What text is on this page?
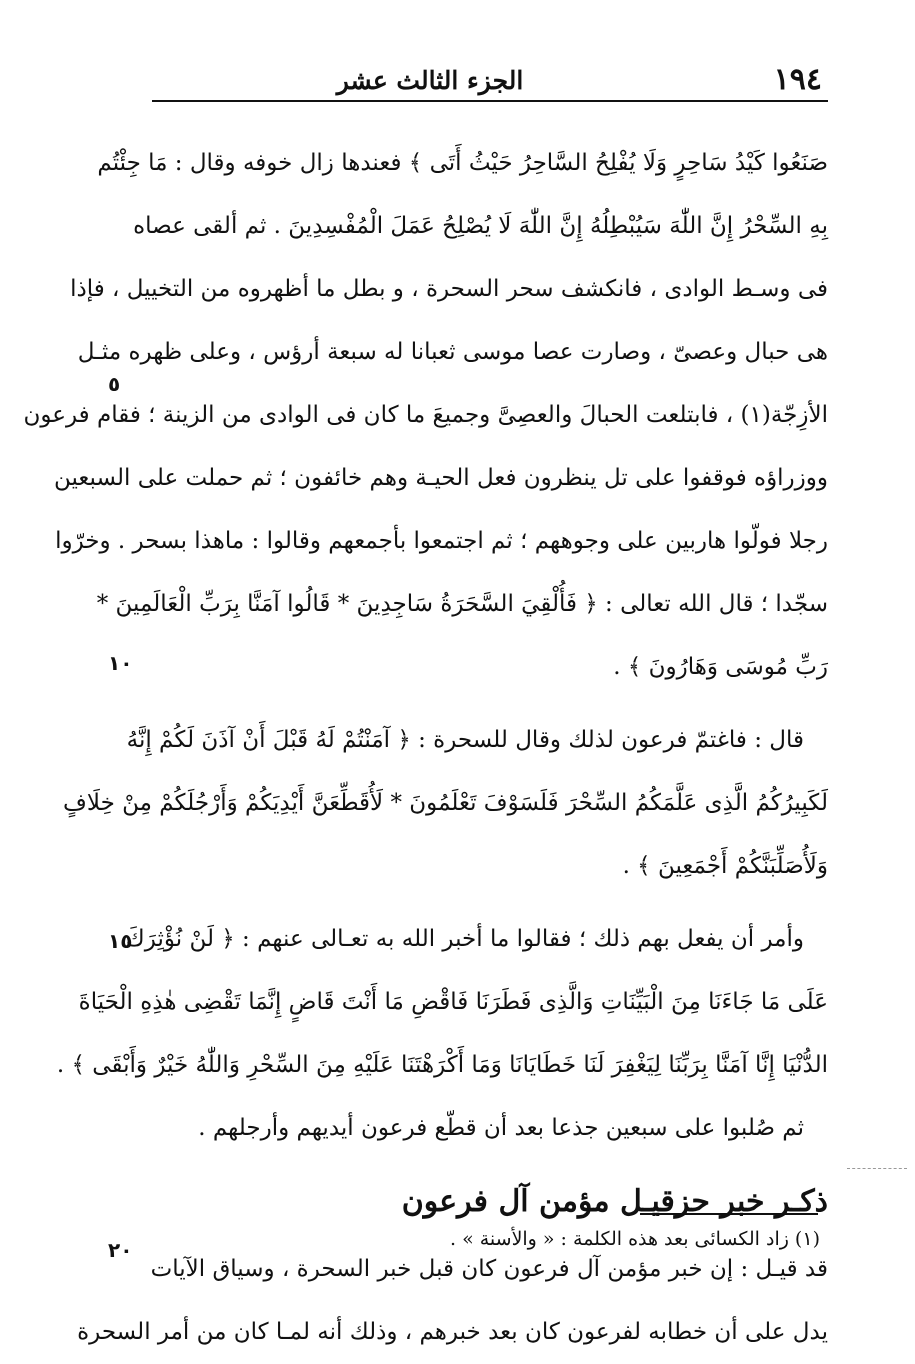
١٩٤
الجزء الثالث عشر
صَنَعُوا كَيْدُ سَاحِرٍ وَلَا يُفْلِحُ السَّاحِرُ حَيْثُ أَتَى ﴾ فعندها زال خوفه وقال : مَا جِئْتُم
بِهِ السِّحْرُ إِنَّ اللّٰهَ سَيُبْطِلُهُ إِنَّ اللّٰهَ لَا يُصْلِحُ عَمَلَ الْمُفْسِدِينَ . ثم ألقى عصاه
فى وسـط الوادى ، فانكشف سحر السحرة ، و بطل ما أظهروه من التخييل ، فإذا
هى حبال وعصىّ ، وصارت عصا موسى ثعبانا له سبعة أرؤس ، وعلى ظهره مثـل
الأزِجّة(١) ، فابتلعت الحبالَ والعصِىَّ وجميعَ ما كان فى الوادى من الزينة ؛ فقام فرعون
ووزراؤه فوقفوا على تل ينظرون فعل الحيـة وهم خائفون ؛ ثم حملت على السبعين
رجلا فولّوا هاربين على وجوههم ؛ ثم اجتمعوا بأجمعهم وقالوا : ماهذا بسحر . وخرّوا
سجّدا ؛ قال الله تعالى : ﴿ فَأُلْقِيَ السَّحَرَةُ سَاجِدِينَ * قَالُوا آمَنَّا بِرَبِّ الْعَالَمِينَ *
رَبِّ مُوسَى وَهَارُونَ ﴾ .
قال : فاغتمّ فرعون لذلك وقال للسحرة : ﴿ آمَنْتُمْ لَهُ قَبْلَ أَنْ آذَنَ لَكُمْ إِنَّهُ
لَكَبِيرُكُمُ الَّذِى عَلَّمَكُمُ السِّحْرَ فَلَسَوْفَ تَعْلَمُونَ * لَأُقَطِّعَنَّ أَيْدِيَكُمْ وَأَرْجُلَكُمْ مِنْ خِلَافٍ
وَلَأُصَلِّبَنَّكُمْ أَجْمَعِينَ ﴾ .
وأمر أن يفعل بهم ذلك ؛ فقالوا ما أخبر الله به تعـالى عنهم : ﴿ لَنْ نُؤْثِرَكَ
عَلَى مَا جَاءَنَا مِنَ الْبَيِّنَاتِ وَالَّذِى فَطَرَنَا فَاقْضِ مَا أَنْتَ قَاضٍ إِنَّمَا تَقْضِى هٰذِهِ الْحَيَاةَ
الدُّنْيَا إِنَّا آمَنَّا بِرَبِّنَا لِيَغْفِرَ لَنَا خَطَايَانَا وَمَا أَكْرَهْتَنَا عَلَيْهِ مِنَ السِّحْرِ وَاللّٰهُ خَيْرٌ وَأَبْقَى ﴾ .
ثم صُلبوا على سبعين جذعا بعد أن قطّع فرعون أيديهم وأرجلهم .
ذكـر خبر حزقيـل مؤمن آل فرعون
قد قيـل : إن خبر مؤمن آل فرعون كان قبل خبر السحرة ، وسياق الآيات
يدل على أن خطابه لفرعون كان بعد خبرهم ، وذلك أنه لمـا كان من أمر السحرة
٥
١٠
١٥
٢٠	(١) زاد الكسائى بعد هذه الكلمة : « والأسنة » .
